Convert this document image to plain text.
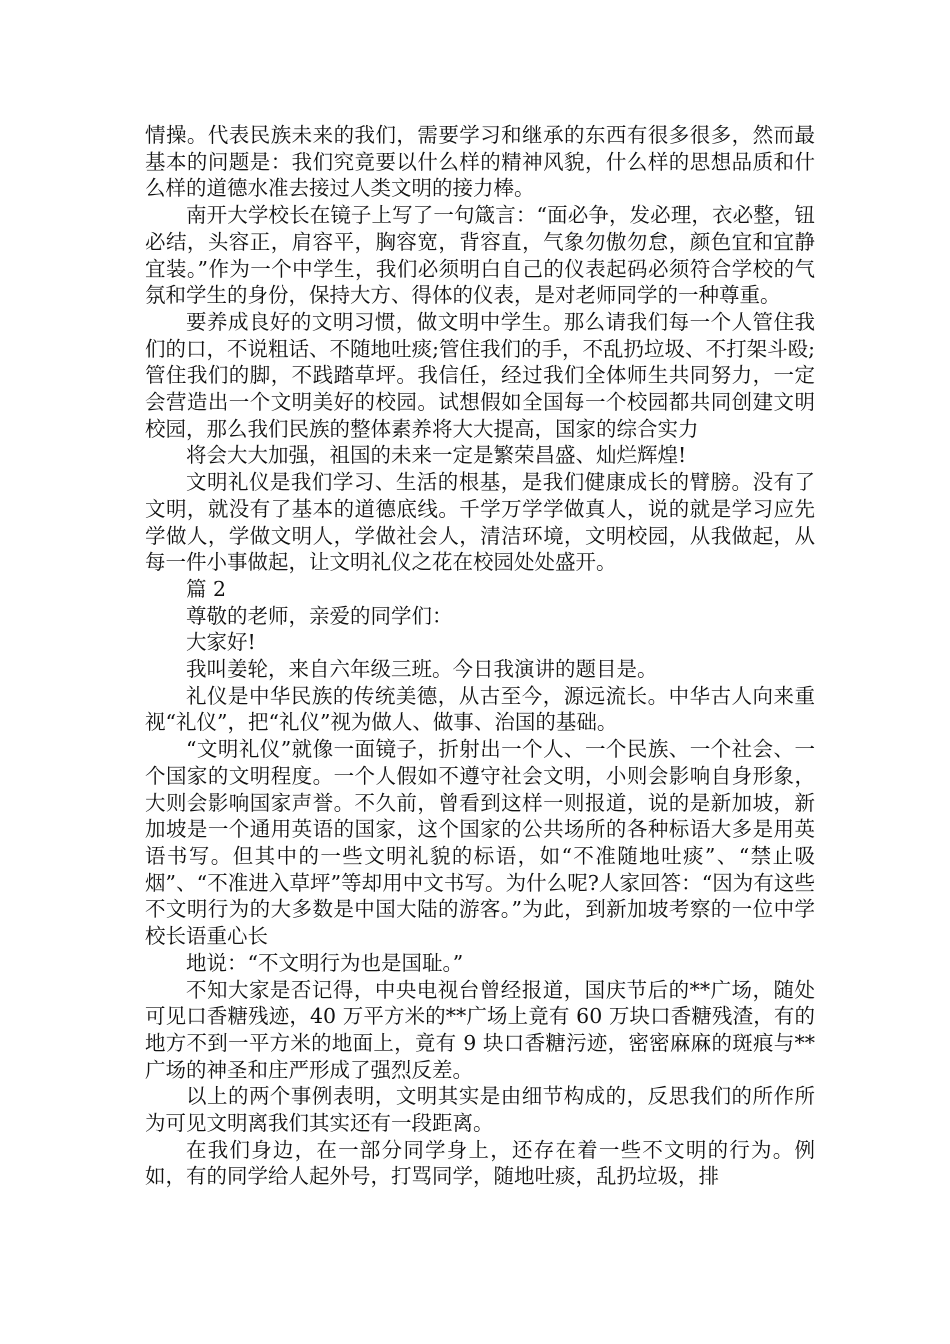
情操。代表民族未来的我们，需要学习和继承的东西有很多很多，然而最基本的问题是：我们究竟要以什么样的精神风貌，什么样的思想品质和什么样的道德水准去接过人类文明的接力棒。

南开大学校长在镜子上写了一句箴言：“面必争，发必理，衣必整，钮必结，头容正，肩容平，胸容宽，背容直，气象勿傲勿怠，颜色宜和宜静宜装。”作为一个中学生，我们必须明白自己的仪表起码必须符合学校的气氛和学生的身份，保持大方、得体的仪表，是对老师同学的一种尊重。

要养成良好的文明习惯，做文明中学生。那么请我们每一个人管住我们的口，不说粗话、不随地吐痰;管住我们的手，不乱扔垃圾、不打架斗殴;管住我们的脚，不践踏草坪。我信任，经过我们全体师生共同努力，一定会营造出一个文明美好的校园。试想假如全国每一个校园都共同创建文明校园，那么我们民族的整体素养将大大提高，国家的综合实力

将会大大加强，祖国的未来一定是繁荣昌盛、灿烂辉煌!

文明礼仪是我们学习、生活的根基，是我们健康成长的臂膀。没有了文明，就没有了基本的道德底线。千学万学学做真人，说的就是学习应先学做人，学做文明人，学做社会人，清洁环境，文明校园，从我做起，从每一件小事做起，让文明礼仪之花在校园处处盛开。

篇 2

尊敬的老师，亲爱的同学们：

大家好!

我叫姜轮，来自六年级三班。今日我演讲的题目是。

礼仪是中华民族的传统美德，从古至今，源远流长。中华古人向来重视“礼仪”，把“礼仪”视为做人、做事、治国的基础。

“文明礼仪”就像一面镜子，折射出一个人、一个民族、一个社会、一个国家的文明程度。一个人假如不遵守社会文明，小则会影响自身形象，大则会影响国家声誉。不久前，曾看到这样一则报道，说的是新加坡，新加坡是一个通用英语的国家，这个国家的公共场所的各种标语大多是用英语书写。但其中的一些文明礼貌的标语，如“不准随地吐痰”、“禁止吸烟”、“不准进入草坪”等却用中文书写。为什么呢?人家回答：“因为有这些不文明行为的大多数是中国大陆的游客。”为此，到新加坡考察的一位中学校长语重心长

地说：“不文明行为也是国耻。”

不知大家是否记得，中央电视台曾经报道，国庆节后的**广场，随处可见口香糖残迹，40 万平方米的**广场上竟有 60 万块口香糖残渣，有的地方不到一平方米的地面上，竟有 9 块口香糖污迹，密密麻麻的斑痕与**广场的神圣和庄严形成了强烈反差。

以上的两个事例表明，文明其实是由细节构成的，反思我们的所作所为可见文明离我们其实还有一段距离。

在我们身边，在一部分同学身上，还存在着一些不文明的行为。例如，有的同学给人起外号，打骂同学，随地吐痰，乱扔垃圾，排
